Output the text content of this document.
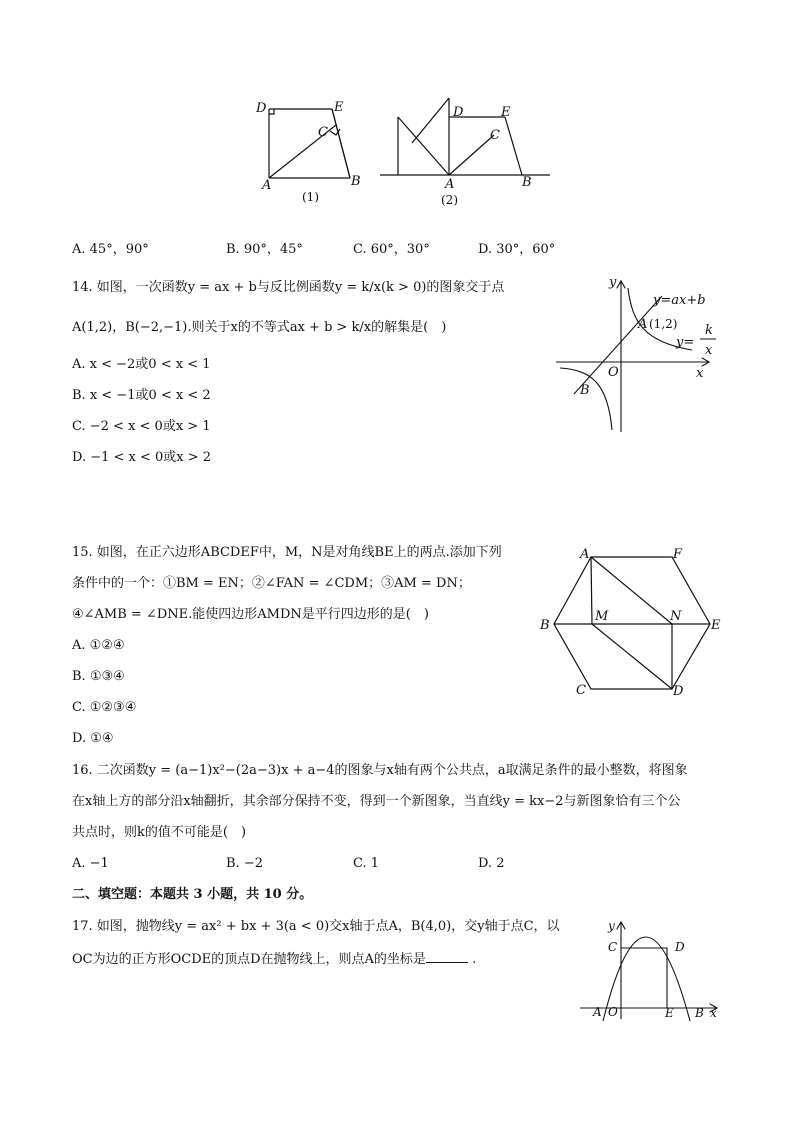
D	E
C
A	B
D	E
C
A	B
(1)	(2)
A. 45°，90°	B. 90°，45°	C. 60°，30°	D. 30°，60°
14. 如图，一次函数y = ax + b与反比例函数y = k/x(k > 0)的图象交于点
A(1,2)，B(−2,−1).则关于x的不等式ax + b > k/x的解集是(　)
A. x < −2或0 < x < 1
B. x < −1或0 < x < 2
C. −2 < x < 0或x > 1
D. −1 < x < 0或x > 2
y
x
O
A
B
y=ax+b
y=
k
x
(1,2)
15. 如图，在正六边形ABCDEF中，M，N是对角线BE上的两点.添加下列
条件中的一个：①BM = EN；②∠FAN = ∠CDM；③AM = DN；
④∠AMB = ∠DNE.能使四边形AMDN是平行四边形的是(　)
A. ①②④
B. ①③④
C. ①②③④
D. ①④
A	F
B
M	N
E
C	D
16. 二次函数y = (a−1)x²−(2a−3)x + a−4的图象与x轴有两个公共点，a取满足条件的最小整数，将图象
在x轴上方的部分沿x轴翻折，其余部分保持不变，得到一个新图象，当直线y = kx−2与新图象恰有三个公
共点时，则k的值不可能是(　)
A. −1	B. −2	C. 1	D. 2
二、填空题：本题共 3 小题，共 10 分。
17. 如图，抛物线y = ax² + bx + 3(a < 0)交x轴于点A，B(4,0)，交y轴于点C，以
OC为边的正方形OCDE的顶点D在抛物线上，则点A的坐标是	.
y
C	D
A O	E B x
